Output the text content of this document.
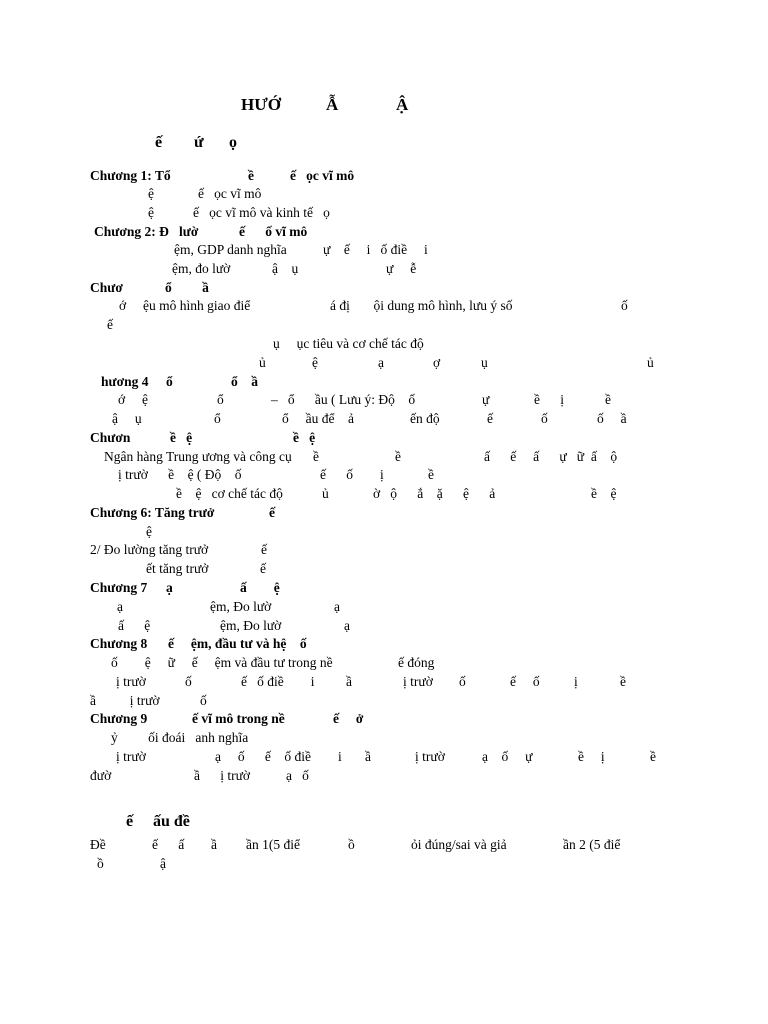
HƯỚ	Ẫ	Ậ
ế ứ ọ
Chương 1: Tổ	ề	ế   ọc vĩ mô
ệ	ế   ọc vĩ mô
ệ	ế   ọc vĩ mô và kinh tế   ọ
Chương 2: Đ   lườ	ế      ố vĩ mô
ệm, GDP danh nghĩa	ự    ế     i   ố điề     i
ệm, đo lườ	ậ    ụ	ự     ễ
Chươ	ổ         ầ
ớ     ệu mô hình giao điể	á đị       ội dung mô hình, lưu ý số	ố
ế
ụ     ục tiêu và cơ chế tác độ
ủ	ệ	ạ	ợ	ụ	ủ
hương 4 ổ	ổ    ầ
ớ     ệ	ổ	–   ổ      ầu ( Lưu ý: Độ    ố	ự	ề      ị	ề
ậ     ụ	ổ	ổ     ầu để    ả	ến độ	ế	ố	ố     ầ
Chươn	ề   ệ	ề   ệ
Ngân hàng Trung ương và công cụ ề	ề	ấ      ế     ấ      ự   ữ  ấ    ộ
ị trườ      ề    ệ ( Độ    ố	ế      ố        ị	ề
ề    ệ   cơ chế tác độ	ủ	ờ   ộ      ắ    ặ      ệ      ả	ề    ệ
Chương 6: Tăng trưở	ế
ệ
2/ Đo lường tăng trưở	ế
ết tăng trưở	ế
Chương 7 ạ	ấ        ệ
ạ	ệm, Đo lườ	ạ
ấ      ệ	ệm, Đo lườ	ạ
Chương 8 ế     ệm, đầu tư và hệ    ố
ố        ệ     ữ     ế     ệm và đầu tư trong nề	ế đóng
ị trườ	ố	ế   ố điề        i ầ	ị trườ ố	ế     ố	ị	ề
ầ          ị trườ	ố
Chương 9	ế vĩ mô trong nề	ế     ở
ỷ         ối đoái   anh nghĩa
ị trườ	ạ     ố      ế    ố điề        i ầ	ị trườ	ạ    ố     ự	ề     ị	ề
đườ	ầ      ị trườ	ạ   ố
ế ấu đề
Đề	ế      ấ ầ ần 1(5 điể	ồ	ỏi đúng/sai và giả	ần 2 (5 điể
ồ	ậ
